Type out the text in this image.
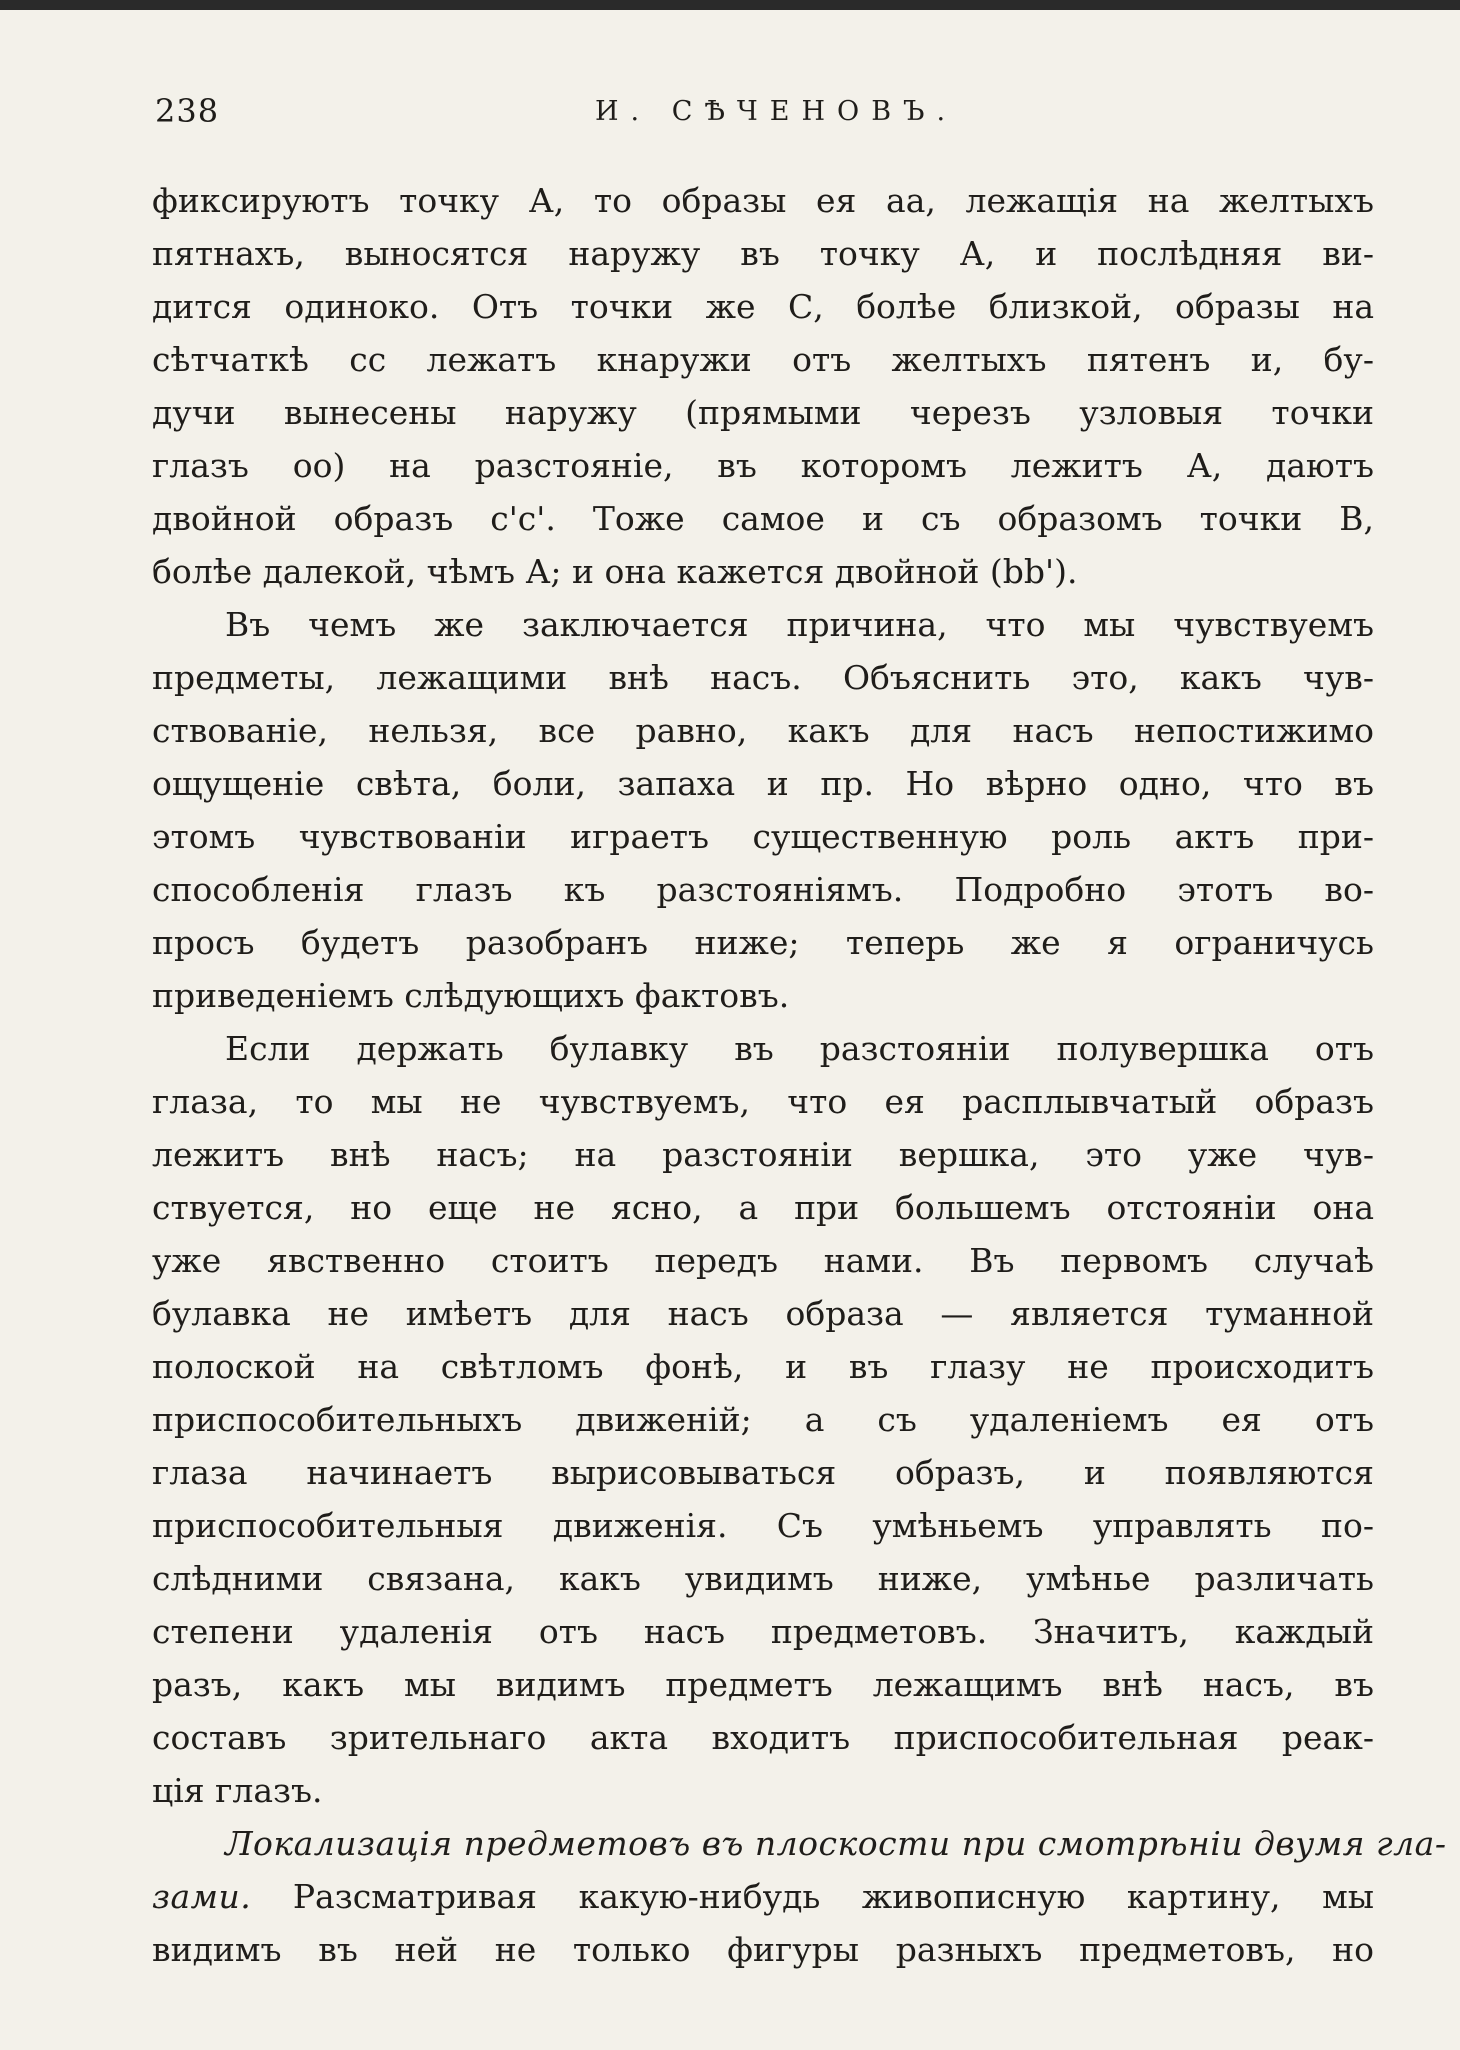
238	И. СѢЧЕНОВЪ.
фиксируютъ точку А, то образы ея аа, лежащія на желтыхъ
пятнахъ, выносятся наружу въ точку А, и послѣдняя ви-
дится одиноко. Отъ точки же С, болѣе близкой, образы на
сѣтчаткѣ сс лежатъ кнаружи отъ желтыхъ пятенъ и, бу-
дучи вынесены наружу (прямыми черезъ узловыя точки
глазъ оо) на разстояніе, въ которомъ лежитъ А, даютъ
двойной образъ с'с'. Тоже самое и съ образомъ точки В,
болѣе далекой, чѣмъ А; и она кажется двойной (bb').
Въ чемъ же заключается причина, что мы чувствуемъ
предметы, лежащими внѣ насъ. Объяснить это, какъ чув-
ствованіе, нельзя, все равно, какъ для насъ непостижимо
ощущеніе свѣта, боли, запаха и пр. Но вѣрно одно, что въ
этомъ чувствованіи играетъ существенную роль актъ при-
способленія глазъ къ разстояніямъ. Подробно этотъ во-
просъ будетъ разобранъ ниже; теперь же я ограничусь
приведеніемъ слѣдующихъ фактовъ.
Если держать булавку въ разстояніи полувершка отъ
глаза, то мы не чувствуемъ, что ея расплывчатый образъ
лежитъ внѣ насъ; на разстояніи вершка, это уже чув-
ствуется, но еще не ясно, а при большемъ отстояніи она
уже явственно стоитъ передъ нами. Въ первомъ случаѣ
булавка не имѣетъ для насъ образа — является туманной
полоской на свѣтломъ фонѣ, и въ глазу не происходитъ
приспособительныхъ движеній; а съ удаленіемъ ея отъ
глаза начинаетъ вырисовываться образъ, и появляются
приспособительныя движенія. Съ умѣньемъ управлять по-
слѣдними связана, какъ увидимъ ниже, умѣнье различать
степени удаленія отъ насъ предметовъ. Значитъ, каждый
разъ, какъ мы видимъ предметъ лежащимъ внѣ насъ, въ
составъ зрительнаго акта входитъ приспособительная реак-
ція глазъ.
Локализація предметовъ въ плоскости при смотрѣніи двумя гла-
зами. Разсматривая какую-нибудь живописную картину, мы
видимъ въ ней не только фигуры разныхъ предметовъ, но
